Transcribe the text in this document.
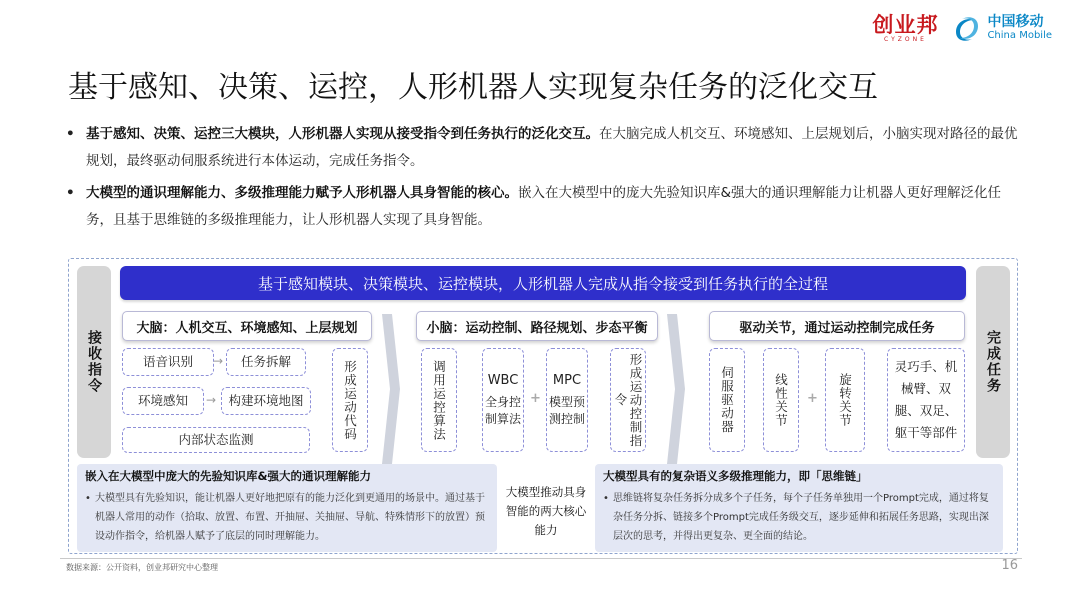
创业邦
CYZONE
中国移动
China Mobile
基于感知、决策、运控，人形机器人实现复杂任务的泛化交互

• 基于感知、决策、运控三大模块，人形机器人实现从接受指令到任务执行的泛化交互。在大脑完成人机交互、环境感知、上层规划后，小脑实现对路径的最优规划，最终驱动伺服系统进行本体运动，完成任务指令。

• 大模型的通识理解能力、多级推理能力赋予人形机器人具身智能的核心。嵌入在大模型中的庞大先验知识库&强大的通识理解能力让机器人更好理解泛化任务，且基于思维链的多级推理能力，让人形机器人实现了具身智能。

接收指令	完成任务
基于感知模块、决策模块、运控模块，人形机器人完成从指令接受到任务执行的全过程
大脑：人机交互、环境感知、上层规划
语音识别	任务拆解
环境感知	构建环境地图
内部状态监测
→
→	形成运动代码
小脑：运动控制、路径规划、步态平衡
调用运控算法	WBC
全身控制算法
+
MPC
模型预测控制	形成运动控制指令
驱动关节，通过运动控制完成任务
伺服驱动器	线性关节 + 旋转关节
灵巧手、机械臂、双腿、双足、躯干等部件
嵌入在大模型中庞大的先验知识库&强大的通识理解能力
• 大模型具有先验知识，能让机器人更好地把原有的能力泛化到更通用的场景中。通过基于机器人常用的动作（拾取、放置、布置、开抽屉、关抽屉、导航、特殊情形下的放置）预设动作指令，给机器人赋予了底层的同时理解能力。
大模型推动具身智能的两大核心能力
大模型具有的复杂语义多级推理能力，即「思维链」
• 思维链将复杂任务拆分成多个子任务，每个子任务单独用一个Prompt完成，通过将复杂任务分拆、链接多个Prompt完成任务级交互，逐步延伸和拓展任务思路，实现出深层次的思考，并得出更复杂、更全面的结论。
数据来源：公开资料，创业邦研究中心整理	16
